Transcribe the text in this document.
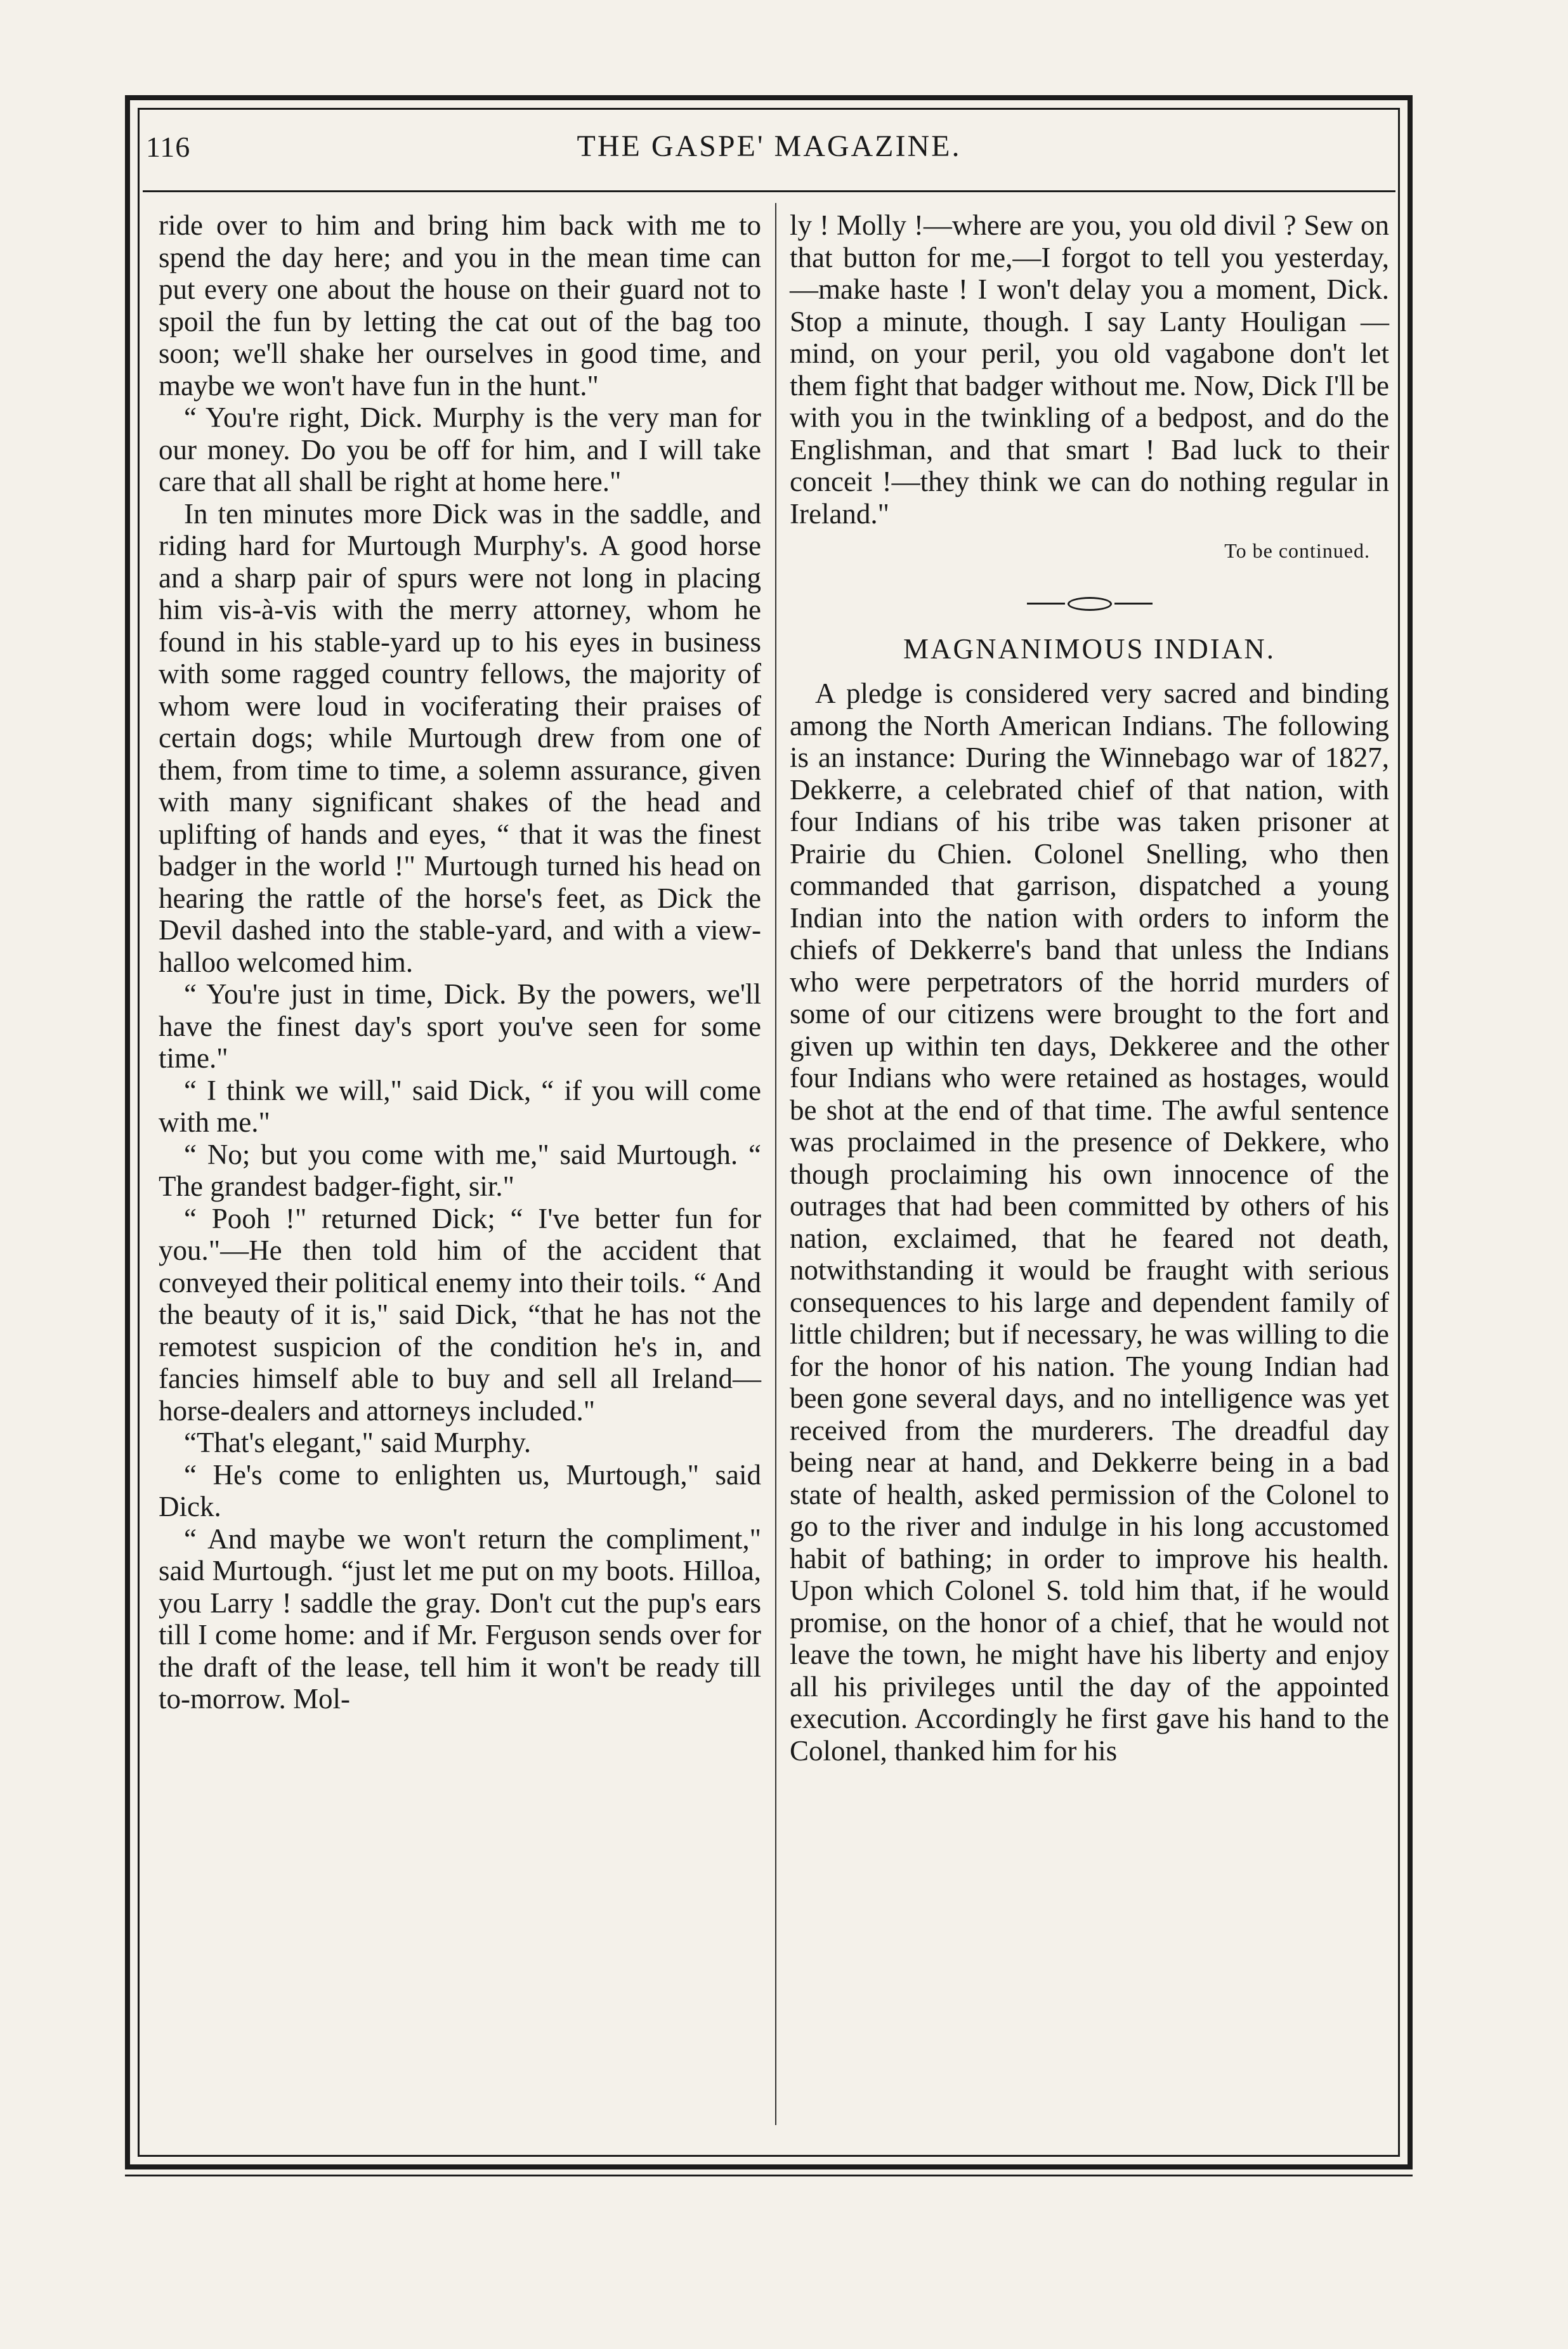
116	THE GASPE' MAGAZINE.

ride over to him and bring him back with me to spend the day here; and you in the mean time can put every one about the house on their guard not to spoil the fun by letting the cat out of the bag too soon; we'll shake her ourselves in good time, and maybe we won't have fun in the hunt."

“ You're right, Dick. Murphy is the very man for our money. Do you be off for him, and I will take care that all shall be right at home here."

In ten minutes more Dick was in the saddle, and riding hard for Murtough Murphy's. A good horse and a sharp pair of spurs were not long in placing him vis-à-vis with the merry attorney, whom he found in his stable-yard up to his eyes in business with some ragged country fellows, the majority of whom were loud in vociferating their praises of certain dogs; while Murtough drew from one of them, from time to time, a solemn assurance, given with many significant shakes of the head and uplifting of hands and eyes, “ that it was the finest badger in the world !" Murtough turned his head on hearing the rattle of the horse's feet, as Dick the Devil dashed into the stable-yard, and with a view-halloo welcomed him.

“ You're just in time, Dick. By the powers, we'll have the finest day's sport you've seen for some time."

“ I think we will," said Dick, “ if you will come with me."

“ No; but you come with me," said Murtough. “ The grandest badger-fight, sir."

“ Pooh !" returned Dick; “ I've better fun for you."—He then told him of the accident that conveyed their political enemy into their toils. “ And the beauty of it is," said Dick, “that he has not the remotest suspicion of the condition he's in, and fancies himself able to buy and sell all Ireland—horse-dealers and attorneys included."

“That's elegant," said Murphy.

“ He's come to enlighten us, Murtough," said Dick.

“ And maybe we won't return the compliment," said Murtough. “just let me put on my boots. Hilloa, you Larry ! saddle the gray. Don't cut the pup's ears till I come home: and if Mr. Ferguson sends over for the draft of the lease, tell him it won't be ready till to-morrow. Mol-

ly ! Molly !—where are you, you old divil ? Sew on that button for me,—I forgot to tell you yesterday,—make haste ! I won't delay you a moment, Dick. Stop a minute, though. I say Lanty Houligan —mind, on your peril, you old vagabone don't let them fight that badger without me. Now, Dick I'll be with you in the twinkling of a bedpost, and do the Englishman, and that smart ! Bad luck to their conceit !—they think we can do nothing regular in Ireland."

To be continued.
MAGNANIMOUS INDIAN.

A pledge is considered very sacred and binding among the North American Indians. The following is an instance: During the Winnebago war of 1827, Dekkerre, a celebrated chief of that nation, with four Indians of his tribe was taken prisoner at Prairie du Chien. Colonel Snelling, who then commanded that garrison, dispatched a young Indian into the nation with orders to inform the chiefs of Dekkerre's band that unless the Indians who were perpetrators of the horrid murders of some of our citizens were brought to the fort and given up within ten days, Dekkeree and the other four Indians who were retained as hostages, would be shot at the end of that time. The awful sentence was proclaimed in the presence of Dekkere, who though proclaiming his own innocence of the outrages that had been committed by others of his nation, exclaimed, that he feared not death, notwithstanding it would be fraught with serious consequences to his large and dependent family of little children; but if necessary, he was willing to die for the honor of his nation. The young Indian had been gone several days, and no intelligence was yet received from the murderers. The dreadful day being near at hand, and Dekkerre being in a bad state of health, asked permission of the Colonel to go to the river and indulge in his long accustomed habit of bathing; in order to improve his health. Upon which Colonel S. told him that, if he would promise, on the honor of a chief, that he would not leave the town, he might have his liberty and enjoy all his privileges until the day of the appointed execution. Accordingly he first gave his hand to the Colonel, thanked him for his
